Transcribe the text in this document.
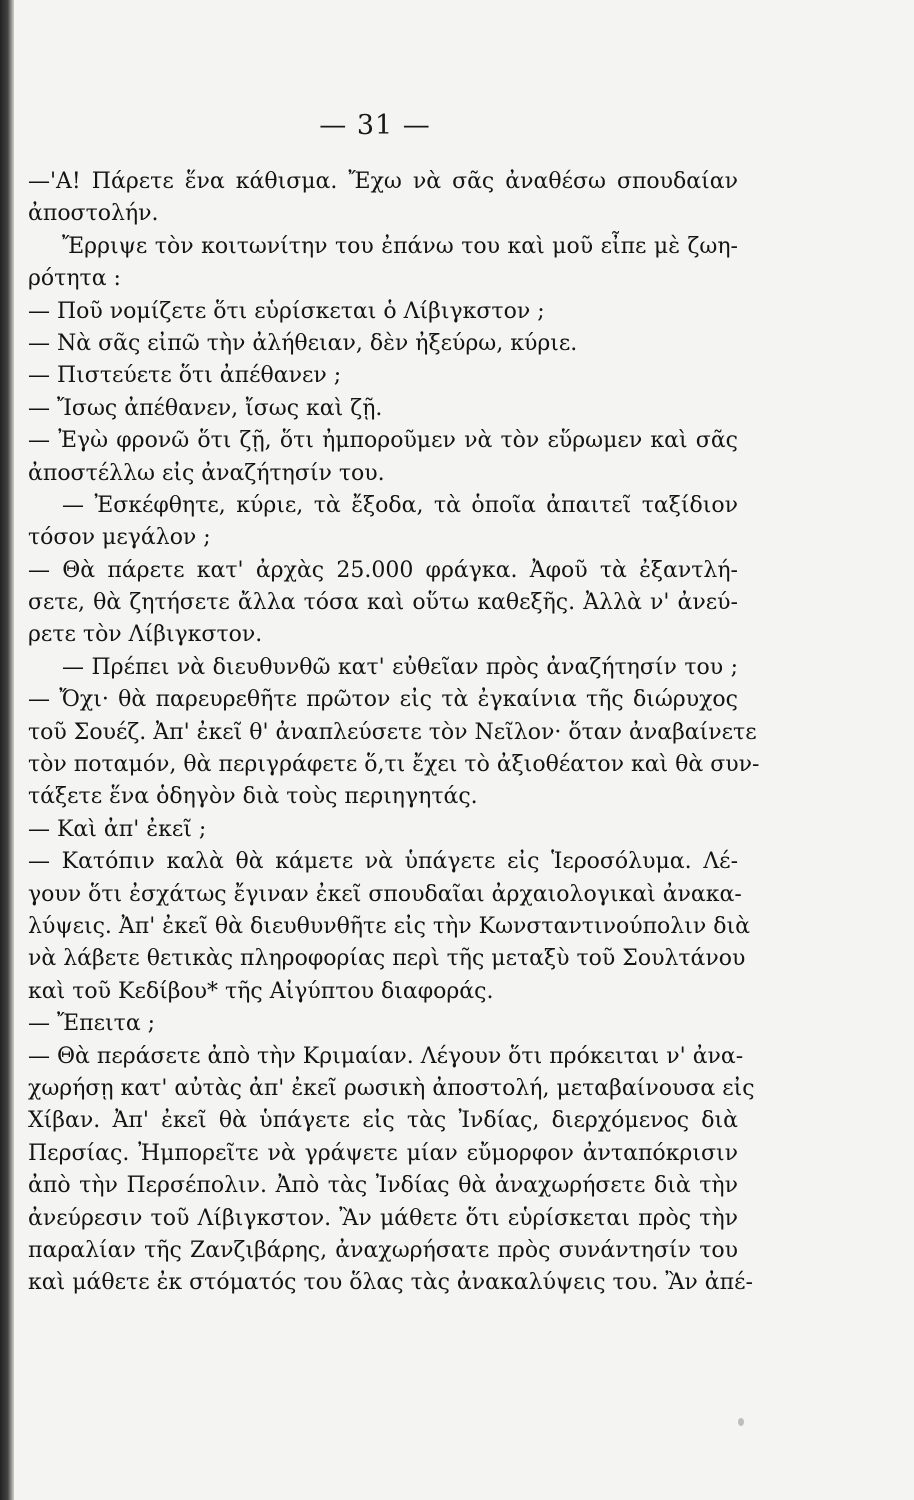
— 31 —
—'Α! Πάρετε ἕνα κάθισμα. Ἔχω νὰ σᾶς ἀναθέσω σπουδαίαν
ἀποστολήν.
Ἔρριψε τὸν κοιτωνίτην του ἐπάνω του καὶ μοῦ εἶπε μὲ ζωη-
ρότητα :
— Ποῦ νομίζετε ὅτι εὑρίσκεται ὁ Λίβιγκστον ;
— Νὰ σᾶς εἰπῶ τὴν ἀλήθειαν, δὲν ἠξεύρω, κύριε.
— Πιστεύετε ὅτι ἀπέθανεν ;
— Ἴσως ἀπέθανεν, ἴσως καὶ ζῇ.
— Ἐγὼ φρονῶ ὅτι ζῇ, ὅτι ἠμποροῦμεν νὰ τὸν εὕρωμεν καὶ σᾶς
ἀποστέλλω εἰς ἀναζήτησίν του.
— Ἐσκέφθητε, κύριε, τὰ ἔξοδα, τὰ ὁποῖα ἀπαιτεῖ ταξίδιον
τόσον μεγάλον ;
— Θὰ πάρετε κατ' ἀρχὰς 25.000 φράγκα. Ἀφοῦ τὰ ἐξαντλή-
σετε, θὰ ζητήσετε ἄλλα τόσα καὶ οὕτω καθεξῆς. Ἀλλὰ ν' ἀνεύ-
ρετε τὸν Λίβιγκστον.
— Πρέπει νὰ διευθυνθῶ κατ' εὐθεῖαν πρὸς ἀναζήτησίν του ;
— Ὄχι· θὰ παρευρεθῆτε πρῶτον εἰς τὰ ἐγκαίνια τῆς διώρυχος
τοῦ Σουέζ. Ἀπ' ἐκεῖ θ' ἀναπλεύσετε τὸν Νεῖλον· ὅταν ἀναβαίνετε
τὸν ποταμόν, θὰ περιγράφετε ὅ,τι ἔχει τὸ ἀξιοθέατον καὶ θὰ συν-
τάξετε ἕνα ὁδηγὸν διὰ τοὺς περιηγητάς.
— Καὶ ἀπ' ἐκεῖ ;
— Κατόπιν καλὰ θὰ κάμετε νὰ ὑπάγετε εἰς Ἱεροσόλυμα. Λέ-
γουν ὅτι ἐσχάτως ἔγιναν ἐκεῖ σπουδαῖαι ἀρχαιολογικαὶ ἀνακα-
λύψεις. Ἀπ' ἐκεῖ θὰ διευθυνθῆτε εἰς τὴν Κωνσταντινούπολιν διὰ
νὰ λάβετε θετικὰς πληροφορίας περὶ τῆς μεταξὺ τοῦ Σουλτάνου
καὶ τοῦ Κεδίβου* τῆς Αἰγύπτου διαφοράς.
— Ἔπειτα ;
— Θὰ περάσετε ἀπὸ τὴν Κριμαίαν. Λέγουν ὅτι πρόκειται ν' ἀνα-
χωρήσῃ κατ' αὐτὰς ἀπ' ἐκεῖ ρωσικὴ ἀποστολή, μεταβαίνουσα εἰς
Χίβαν. Ἀπ' ἐκεῖ θὰ ὑπάγετε εἰς τὰς Ἰνδίας, διερχόμενος διὰ
Περσίας. Ἠμπορεῖτε νὰ γράψετε μίαν εὔμορφον ἀνταπόκρισιν
ἀπὸ τὴν Περσέπολιν. Ἀπὸ τὰς Ἰνδίας θὰ ἀναχωρήσετε διὰ τὴν
ἀνεύρεσιν τοῦ Λίβιγκστον. Ἂν μάθετε ὅτι εὑρίσκεται πρὸς τὴν
παραλίαν τῆς Ζανζιβάρης, ἀναχωρήσατε πρὸς συνάντησίν του
καὶ μάθετε ἐκ στόματός του ὅλας τὰς ἀνακαλύψεις του. Ἂν ἀπέ-
